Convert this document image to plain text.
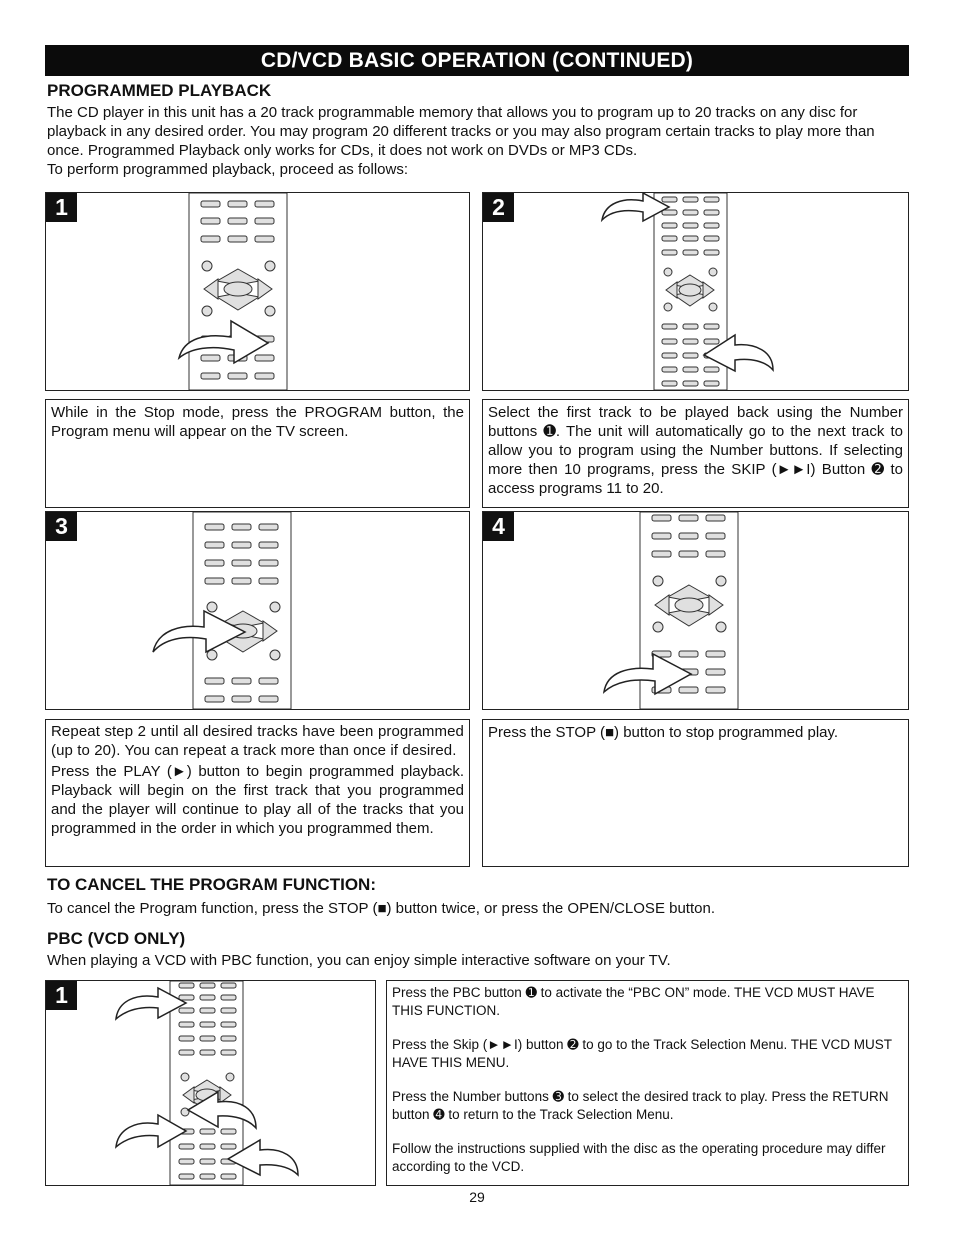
CD/VCD BASIC OPERATION (CONTINUED)
PROGRAMMED PLAYBACK
The CD player in this unit has a 20 track programmable memory that allows you to program up to 20 tracks on any disc for playback in any desired order. You may program 20 different tracks or you may also program certain tracks to play more than once. Programmed Playback only works for CDs, it does not work on DVDs or MP3 CDs.
To perform programmed playback, proceed as follows:
1	2

While in the Stop mode, press the PROGRAM button, the Program menu will appear on the TV screen.

Select the first track to be played back using the Number buttons ➊. The unit will automatically go to the next track to allow you to program using the Number buttons. If selecting more then 10 programs, press the SKIP (►►I) Button ➋ to access programs 11 to 20.

3	4

Repeat step 2 until all desired tracks have been programmed (up to 20). You can repeat a track more than once if desired.

Press the PLAY (►) button to begin programmed playback. Playback will begin on the first track that you programmed and the player will continue to play all of the tracks that you programmed in the order in which you programmed them.

Press the STOP (■) button to stop programmed play.

TO CANCEL THE PROGRAM FUNCTION:
To cancel the Program function, press the STOP (■) button twice, or press the OPEN/CLOSE button.
PBC (VCD ONLY)
When playing a VCD with PBC function, you can enjoy simple interactive software on your TV.
1	Press the PBC button ➊ to activate the “PBC ON” mode. THE VCD MUST HAVE THIS FUNCTION.

Press the Skip (►►I) button ➋ to go to the Track Selection Menu. THE VCD MUST HAVE THIS MENU.

Press the Number buttons ➌ to select the desired track to play. Press the RETURN button ➍ to return to the Track Selection Menu.

Follow the instructions supplied with the disc as the operating procedure may differ according to the VCD.

29
